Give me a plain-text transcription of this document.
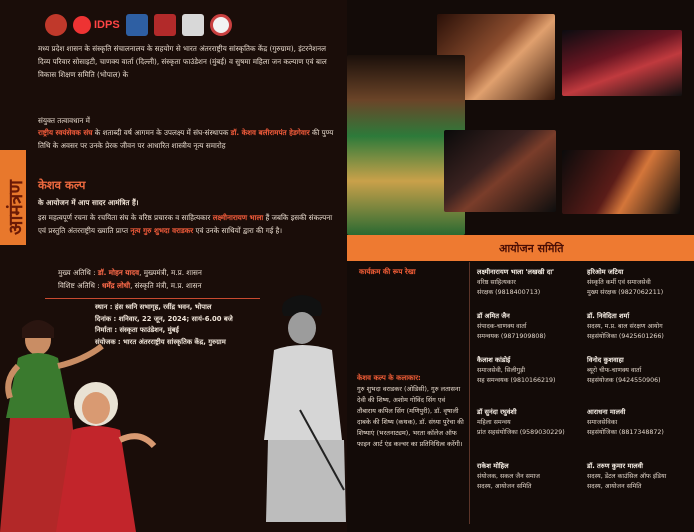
आमंत्रण
IDPS
मध्य प्रदेश शासन के संस्कृति संचालनालय के सहयोग से भारत अंतरराष्ट्रीय सांस्कृतिक केंद्र (गुरुग्राम), इंटरनेशनल दिव्य परिवार सोसाइटी, चाणक्य वार्ता (दिल्ली), संस्कृता फाउंडेशन (मुंबई) व सुषमा महिला जन कल्याण एवं बाल विकास शिक्षण समिति (भोपाल) के
संयुक्त तत्वावधान में
राष्ट्रीय स्वयंसेवक संघ के शताब्दी वर्ष आगमन के उपलक्ष्य में संघ-संस्थापक डॉ. केशव बलीरामपंत हेडगेवार की पुण्य तिथि के अवसर पर उनके प्रेरक जीवन पर आधारित शास्त्रीय नृत्य समारोह
केशव कल्प
के आयोजन में आप सादर आमंत्रित हैं।
इस महत्वपूर्ण रचना के रचयिता संघ के वरिष्ठ प्रचारक व साहित्यकार लक्ष्मीनारायण भाला हैं जबकि इसकी संकल्पना एवं प्रस्तुति अंतरराष्ट्रीय ख्याति प्राप्त नृत्य गुरु शुभदा वराडकर एवं उनके साथियों द्वारा की गई है।
मुख्य अतिथि : डॉ. मोहन यादव, मुख्यमंत्री, म.प्र. शासन
विशिष्ट अतिथि : धर्मेंद्र लोधी, संस्कृति मंत्री, म.प्र. शासन
स्थान : हंस ध्वनि सभागृह, रवींद्र भवन, भोपाल
दिनांक : शनिवार, 22 जून, 2024; सायं-6.00 बजे
निर्माता : संस्कृता फाउंडेशन, मुंबई
संयोजक : भारत अंतरराष्ट्रीय सांस्कृतिक केंद्र, गुरुग्राम
आयोजन समिति
कार्यक्रम की रूप रेखा
केशव कल्प के कलाकार:
गुरु शुभदा वराडकर (ओडिसी), गुरु लतासना देवी की शिष्य, अशोम गोविंद सिंग एवं तौबाराय कपिल सिंग (मणिपुरी), डॉ. वृषाली दाबके की शिष्य (कथक), डॉ. संध्या पुरेचा की शिष्याएं (भरतनाट्यम), भरता कॉलेज ऑफ फाइन आर्ट एंड कल्चर का प्रतिनिधित्व करेंगी।
लक्ष्मीनारायण भाला 'लखखी दा'
वरिष्ठ साहित्यकार
संरक्षक (9818400713)
हरिओम जटिया
संस्कृति कर्मी एवं समाजसेवी
मुख्य संरक्षक (9827062211)
डॉ अमित जैन
संपादक-चाणक्य वार्ता
समन्वयक (9871909808)
डॉ. निवेदिता शर्मा
सदस्य, म.प्र. बाल संरक्षण आयोग
सहसंयोजिका (9425601266)
कैलाश कांडोई
समाजसेवी, सिलीगुड़ी
सह समन्वयक (9810166219)
विनोद कुशवाहा
ब्यूरो चीफ-चाणक्य वार्ता
सहसंयोजक (9424550906)
डॉ सुनंदा रघुवंशी
महिला समन्वय
प्रांत सहसंयोजिका (9589030229)
आराधना मालवी
समाजसेविका
सहसंयोजिका (8817348872)
राकेश मोहिल
संयोजक, सकल जैन समाज
सदस्य, आयोजन समिति
डॉ. तरुण कुमार मालवी
सदस्य, डेंटल काउंसिल ऑफ इंडिया
सदस्य, आयोजन समिति
